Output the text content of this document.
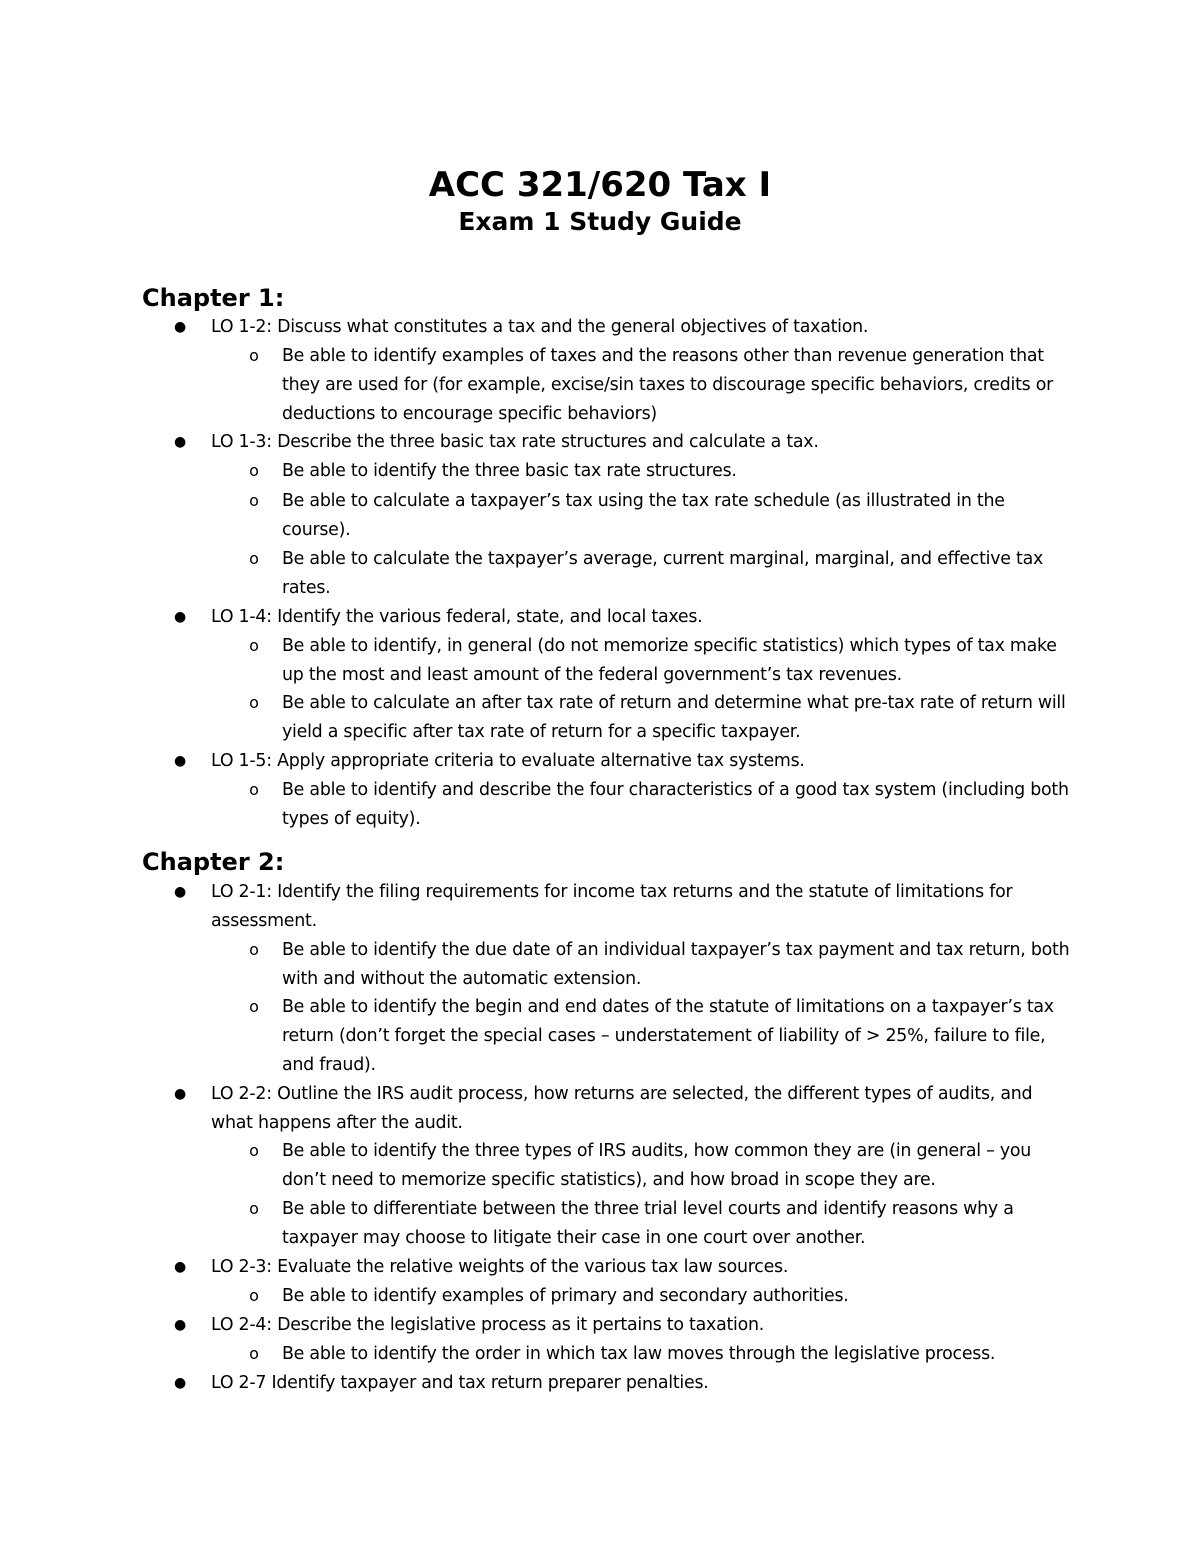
ACC 321/620 Tax I
Exam 1 Study Guide
Chapter 1:
● LO 1-2: Discuss what constitutes a tax and the general objectives of taxation.
o Be able to identify examples of taxes and the reasons other than revenue generation that they are used for (for example, excise/sin taxes to discourage specific behaviors, credits or deductions to encourage specific behaviors)
● LO 1-3: Describe the three basic tax rate structures and calculate a tax.
o Be able to identify the three basic tax rate structures.
o Be able to calculate a taxpayer’s tax using the tax rate schedule (as illustrated in the course).
o Be able to calculate the taxpayer’s average, current marginal, marginal, and effective tax rates.
● LO 1-4: Identify the various federal, state, and local taxes.
o Be able to identify, in general (do not memorize specific statistics) which types of tax make up the most and least amount of the federal government’s tax revenues.
o Be able to calculate an after tax rate of return and determine what pre-tax rate of return will yield a specific after tax rate of return for a specific taxpayer.
● LO 1-5: Apply appropriate criteria to evaluate alternative tax systems.
o Be able to identify and describe the four characteristics of a good tax system (including both types of equity).
Chapter 2:
● LO 2-1: Identify the filing requirements for income tax returns and the statute of limitations for assessment.
o Be able to identify the due date of an individual taxpayer’s tax payment and tax return, both with and without the automatic extension.
o Be able to identify the begin and end dates of the statute of limitations on a taxpayer’s tax return (don’t forget the special cases – understatement of liability of > 25%, failure to file, and fraud).
● LO 2-2: Outline the IRS audit process, how returns are selected, the different types of audits, and what happens after the audit.
o Be able to identify the three types of IRS audits, how common they are (in general – you don’t need to memorize specific statistics), and how broad in scope they are.
o Be able to differentiate between the three trial level courts and identify reasons why a taxpayer may choose to litigate their case in one court over another.
● LO 2-3: Evaluate the relative weights of the various tax law sources.
o Be able to identify examples of primary and secondary authorities.
● LO 2-4: Describe the legislative process as it pertains to taxation.
o Be able to identify the order in which tax law moves through the legislative process.
● LO 2-7 Identify taxpayer and tax return preparer penalties.
